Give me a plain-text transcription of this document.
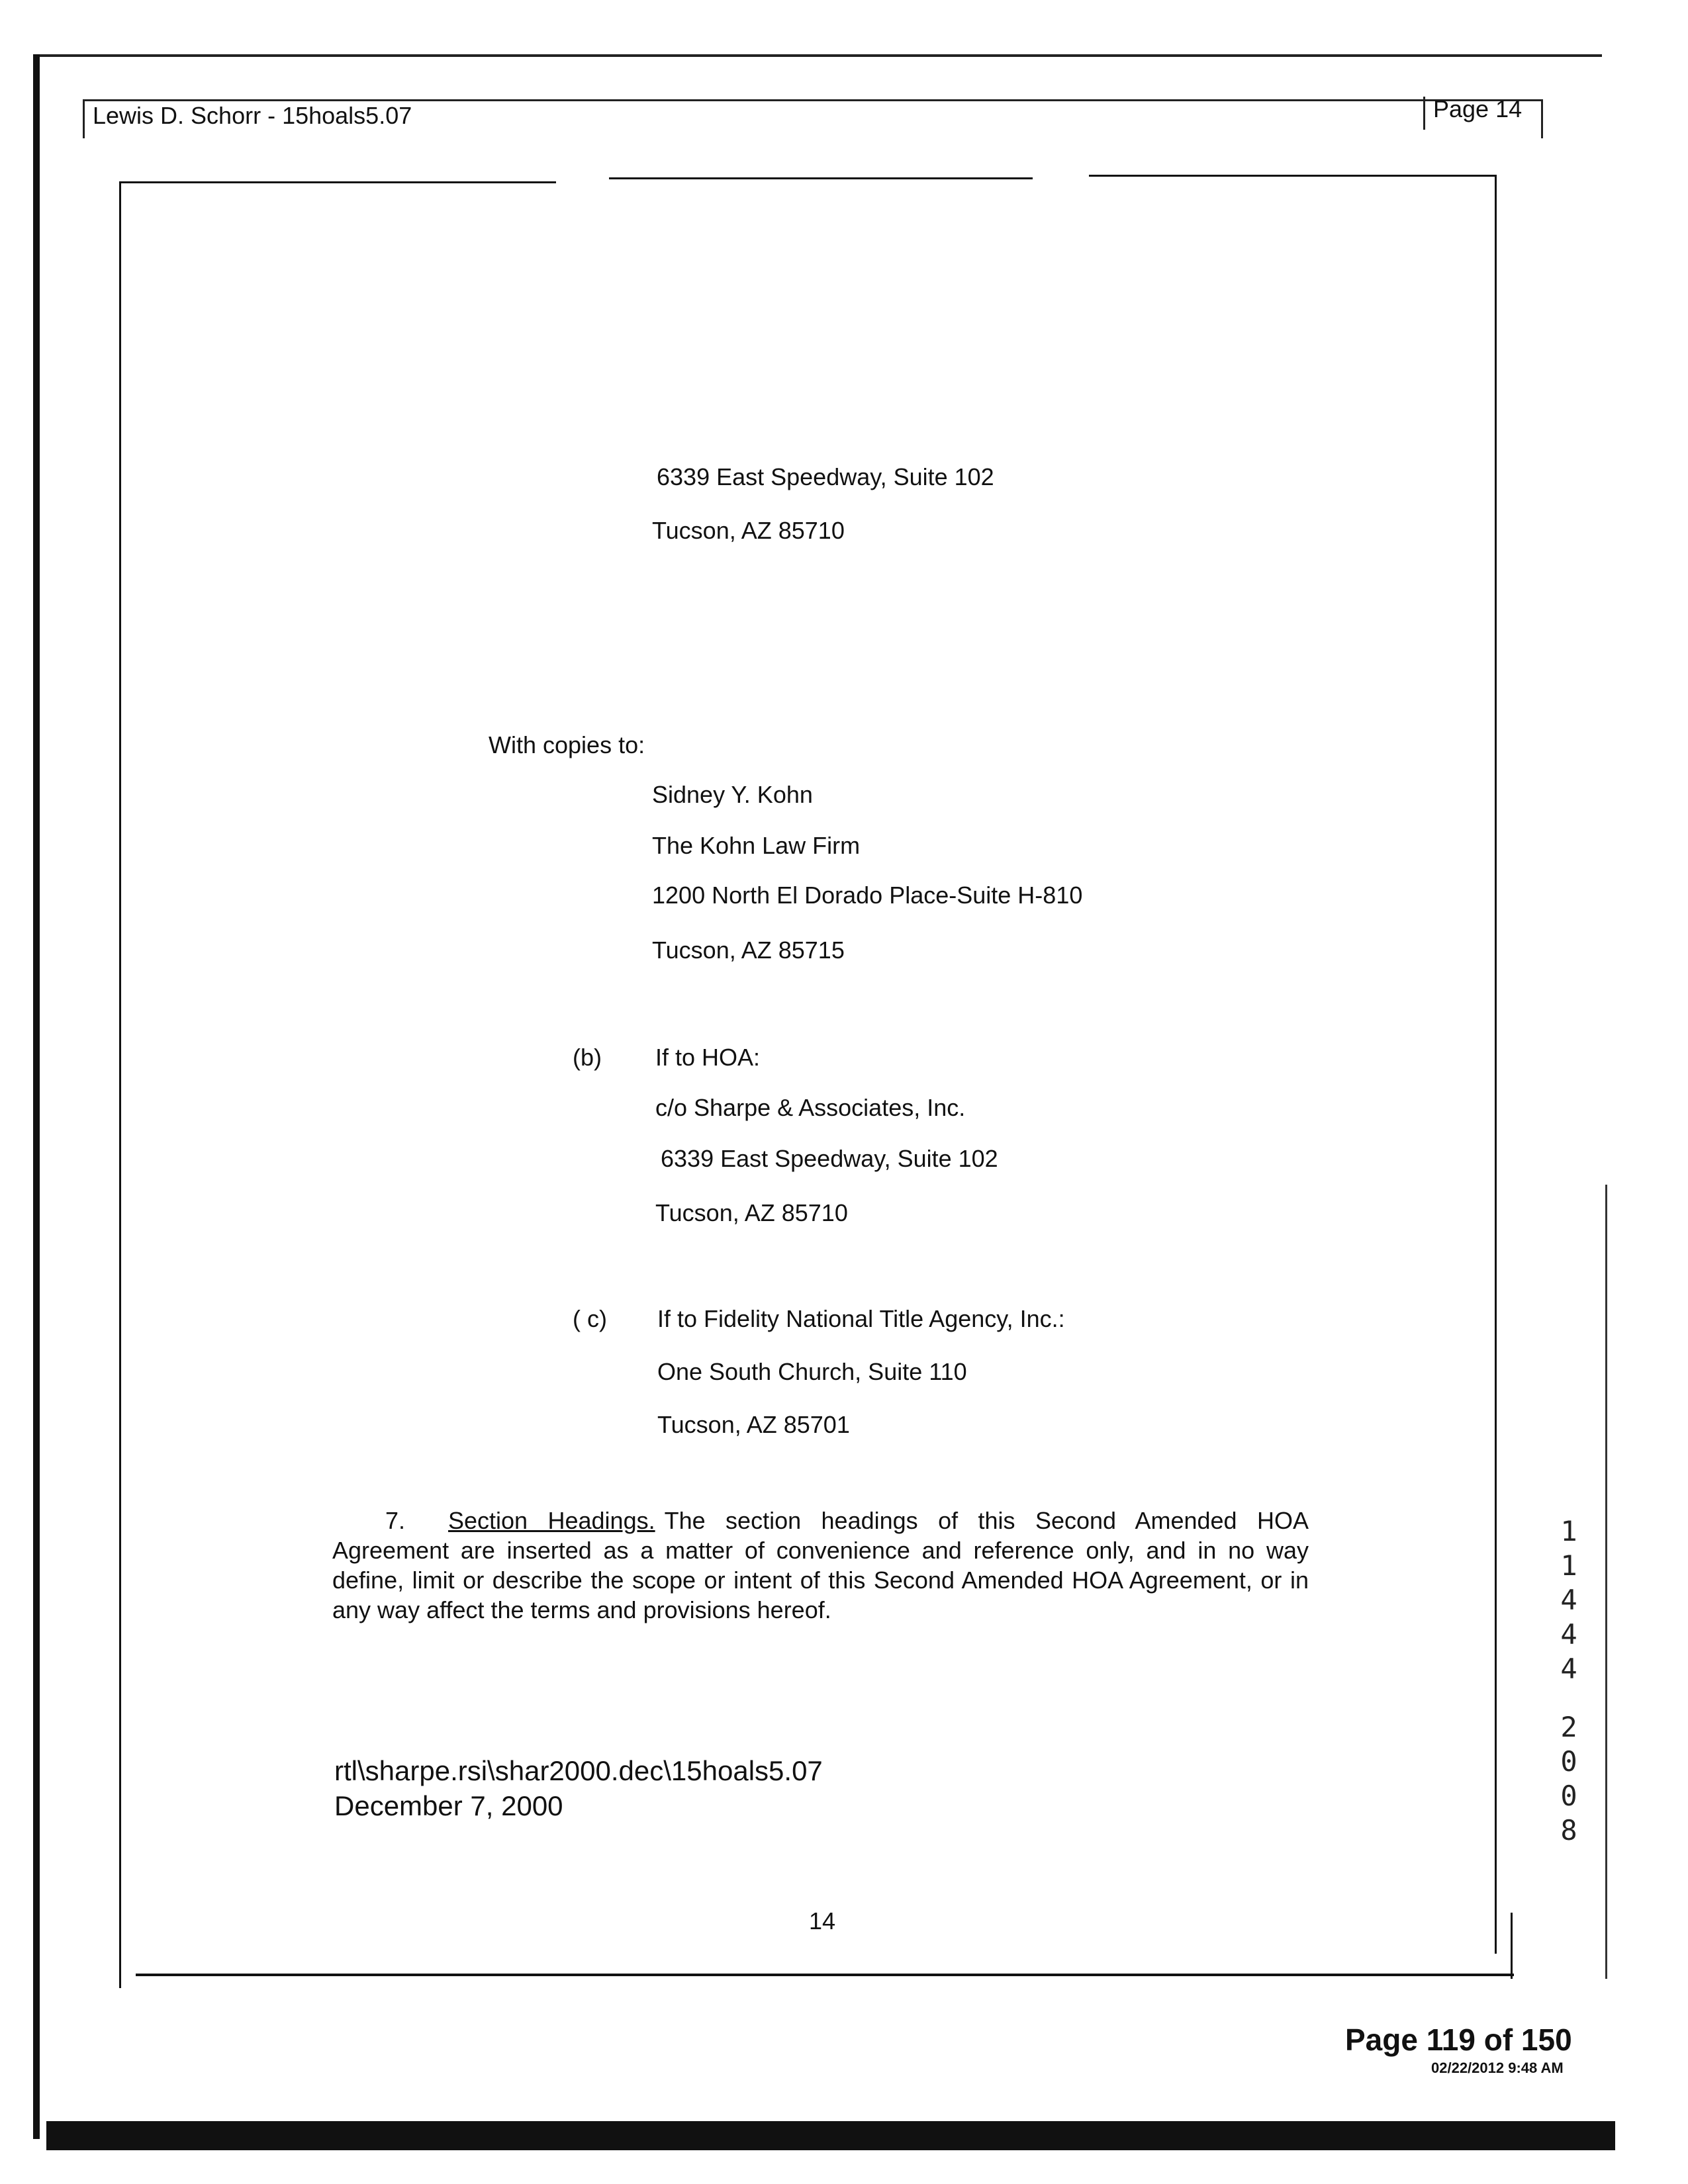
Lewis D. Schorr - 15hoals5.07	Page 14
6339 East Speedway, Suite 102
Tucson, AZ 85710
With copies to:
Sidney Y. Kohn
The Kohn Law Firm
1200 North El Dorado Place-Suite H-810
Tucson, AZ 85715
(b) If to HOA:
c/o Sharpe & Associates, Inc.
6339 East Speedway, Suite 102
Tucson, AZ 85710
( c) If to Fidelity National Title Agency, Inc.:
One South Church, Suite 110
Tucson, AZ 85701
7. Section Headings. The section headings of this Second Amended HOA Agreement are inserted as a matter of convenience and reference only, and in no way define, limit or describe the scope or intent of this Second Amended HOA Agreement, or in any way affect the terms and provisions hereof.
rtl\sharpe.rsi\shar2000.dec\15hoals5.07
December 7, 2000
14
1
1
4
4
4
2
0
0
8
Page 119 of 150
02/22/2012 9:48 AM
